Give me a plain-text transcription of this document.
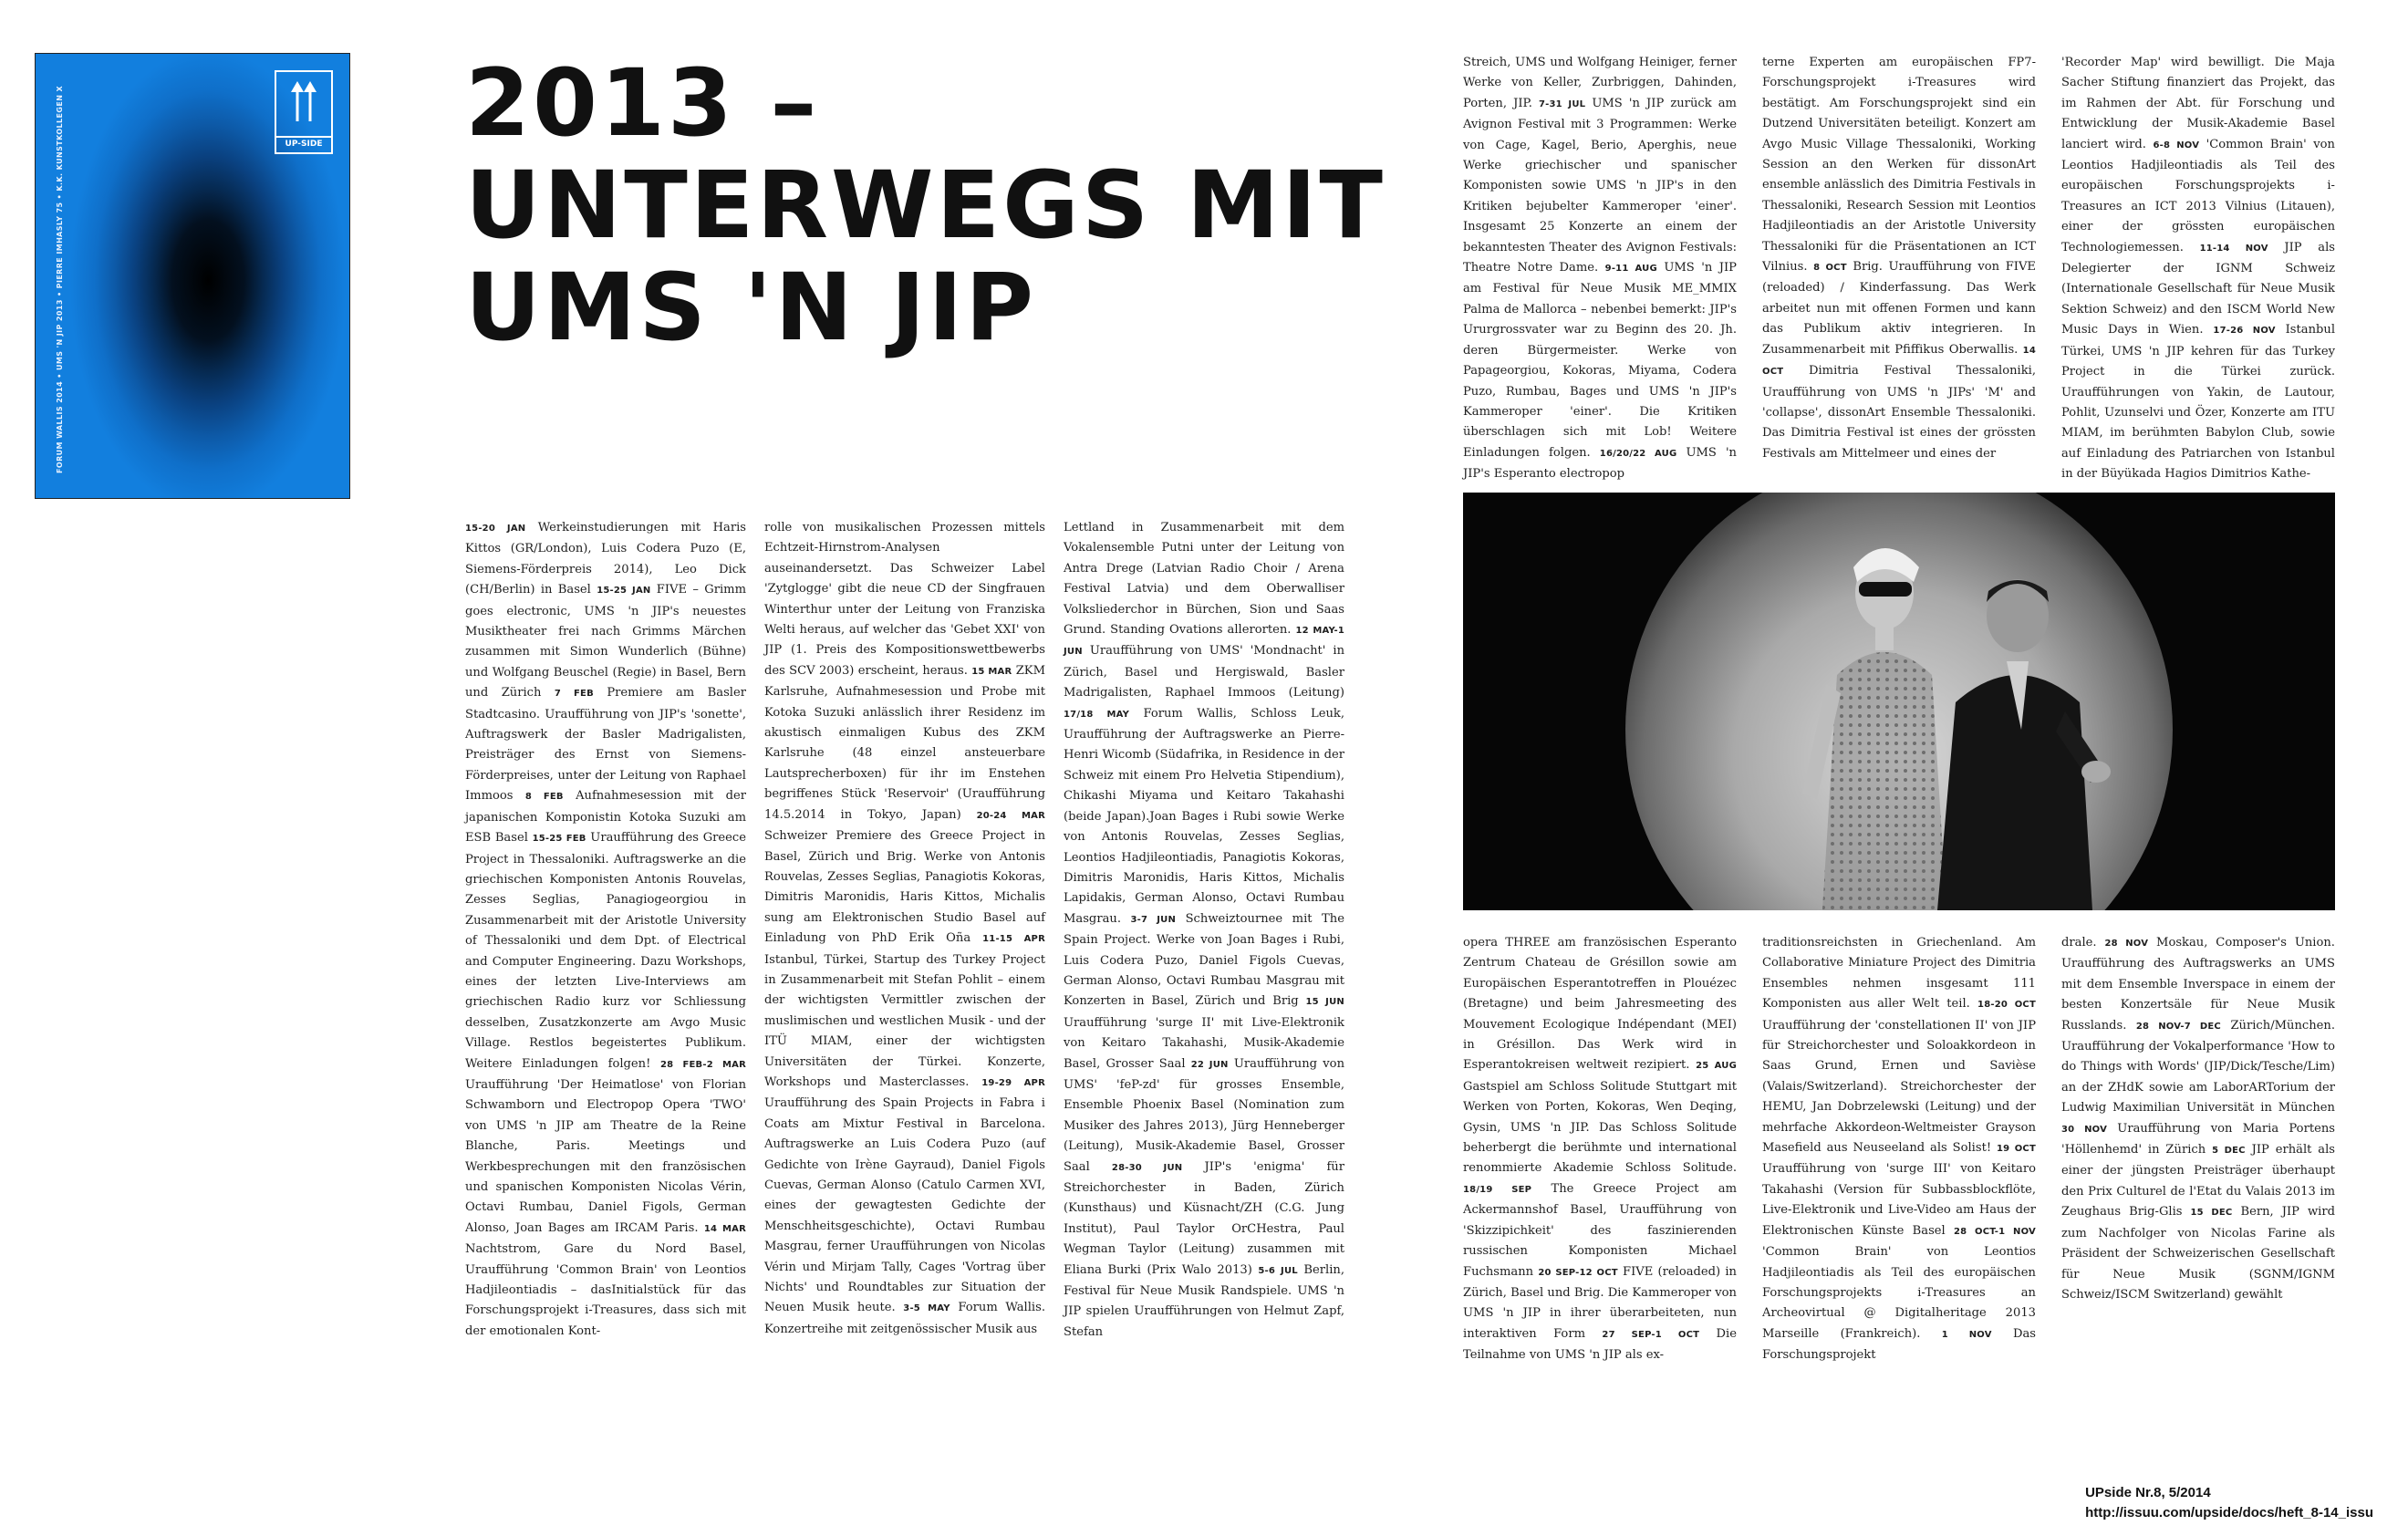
FORUM WALLIS 2014 • UMS 'N JIP 2013 • PIERRE IMHASLY 75 • K.K. KUNSTKOLLEGEN X	UP-SIDE 2013 –
UNTERWEGS MIT
UMS 'N JIP
15-20 JAN Werkeinstudierungen mit Haris Kittos (GR/London), Luis Codera Puzo (E, Siemens-Förderpreis 2014), Leo Dick (CH/Berlin) in Basel 15-25 JAN FIVE – Grimm goes electronic, UMS 'n JIP's neuestes Musiktheater frei nach Grimms Märchen zusammen mit Simon Wunderlich (Bühne) und Wolfgang Beuschel (Regie) in Basel, Bern und Zürich 7 FEB Premiere am Basler Stadtcasino. Uraufführung von JIP's 'sonette', Auftragswerk der Basler Madrigalisten, Preisträger des Ernst von Siemens-Förderpreises, unter der Leitung von Raphael Immoos 8 FEB Aufnahmesession mit der japanischen Komponistin Kotoka Suzuki am ESB Basel 15-25 FEB Uraufführung des Greece Project in Thessaloniki. Auftragswerke an die griechischen Komponisten Antonis Rouvelas, Zesses Seglias, Panagiogeorgiou in Zusammenarbeit mit der Aristotle University of Thessaloniki und dem Dpt. of Electrical and Computer Engineering. Dazu Workshops, eines der letzten Live-Interviews am griechischen Radio kurz vor Schliessung desselben, Zusatzkonzerte am Avgo Music Village. Restlos begeistertes Publikum. Weitere Einladungen folgen! 28 FEB-2 MAR Uraufführung 'Der Heimatlose' von Florian Schwamborn und Electropop Opera 'TWO' von UMS 'n JIP am Theatre de la Reine Blanche, Paris. Meetings und Werkbesprechungen mit den französischen und spanischen Komponisten Nicolas Vérin, Octavi Rumbau, Daniel Figols, German Alonso, Joan Bages am IRCAM Paris. 14 MAR Nachtstrom, Gare du Nord Basel, Uraufführung 'Common Brain' von Leontios Hadjileontiadis – dasInitialstück für das Forschungsprojekt i-Treasures, dass sich mit der emotionalen Kont-
rolle von musikalischen Prozessen mittels Echtzeit-Hirnstrom-Analysen auseinandersetzt. Das Schweizer Label 'Zytglogge' gibt die neue CD der Singfrauen Winterthur unter der Leitung von Franziska Welti heraus, auf welcher das 'Gebet XXI' von JIP (1. Preis des Kompositionswettbewerbs des SCV 2003) erscheint, heraus. 15 MAR ZKM Karlsruhe, Aufnahmesession und Probe mit Kotoka Suzuki anlässlich ihrer Residenz im akustisch einmaligen Kubus des ZKM Karlsruhe (48 einzel ansteuerbare Lautsprecherboxen) für ihr im Enstehen begriffenes Stück 'Reservoir' (Uraufführung 14.5.2014 in Tokyo, Japan) 20-24 MAR Schweizer Premiere des Greece Project in Basel, Zürich und Brig. Werke von Antonis Rouvelas, Zesses Seglias, Panagiotis Kokoras, Dimitris Maronidis, Haris Kittos, Michalis sung am Elektronischen Studio Basel auf Einladung von PhD Erik Oña 11-15 APR Istanbul, Türkei, Startup des Turkey Project in Zusammenarbeit mit Stefan Pohlit – einem der wichtigsten Vermittler zwischen der muslimischen und westlichen Musik - und der ITÜ MIAM, einer der wichtigsten Universitäten der Türkei. Konzerte, Workshops und Masterclasses. 19-29 APR Uraufführung des Spain Projects in Fabra i Coats am Mixtur Festival in Barcelona. Auftragswerke an Luis Codera Puzo (auf Gedichte von Irène Gayraud), Daniel Figols Cuevas, German Alonso (Catulo Carmen XVI, eines der gewagtesten Gedichte der Menschheitsgeschichte), Octavi Rumbau Masgrau, ferner Uraufführungen von Nicolas Vérin und Mirjam Tally, Cages 'Vortrag über Nichts' und Roundtables zur Situation der Neuen Musik heute. 3-5 MAY Forum Wallis. Konzertreihe mit zeitgenössischer Musik aus
Lettland in Zusammenarbeit mit dem Vokalensemble Putni unter der Leitung von Antra Drege (Latvian Radio Choir / Arena Festival Latvia) und dem Oberwalliser Volksliederchor in Bürchen, Sion und Saas Grund. Standing Ovations allerorten. 12 MAY-1 JUN Uraufführung von UMS' 'Mondnacht' in Zürich, Basel und Hergiswald, Basler Madrigalisten, Raphael Immoos (Leitung) 17/18 MAY Forum Wallis, Schloss Leuk, Uraufführung der Auftragswerke an Pierre-Henri Wicomb (Südafrika, in Residence in der Schweiz mit einem Pro Helvetia Stipendium), Chikashi Miyama und Keitaro Takahashi (beide Japan).Joan Bages i Rubi sowie Werke von Antonis Rouvelas, Zesses Seglias, Leontios Hadjileontiadis, Panagiotis Kokoras, Dimitris Maronidis, Haris Kittos, Michalis Lapidakis, German Alonso, Octavi Rumbau Masgrau. 3-7 JUN Schweiztournee mit The Spain Project. Werke von Joan Bages i Rubi, Luis Codera Puzo, Daniel Figols Cuevas, German Alonso, Octavi Rumbau Masgrau mit Konzerten in Basel, Zürich und Brig 15 JUN Uraufführung 'surge II' mit Live-Elektronik von Keitaro Takahashi, Musik-Akademie Basel, Grosser Saal 22 JUN Uraufführung von UMS' 'feP-zd' für grosses Ensemble, Ensemble Phoenix Basel (Nomination zum Musiker des Jahres 2013), Jürg Henneberger (Leitung), Musik-Akademie Basel, Grosser Saal 28-30 JUN JIP's 'enigma' für Streichorchester in Baden, Zürich (Kunsthaus) und Küsnacht/ZH (C.G. Jung Institut), Paul Taylor OrCHestra, Paul Wegman Taylor (Leitung) zusammen mit Eliana Burki (Prix Walo 2013) 5-6 JUL Berlin, Festival für Neue Musik Randspiele. UMS 'n JIP spielen Uraufführungen von Helmut Zapf, Stefan
Streich, UMS und Wolfgang Heiniger, ferner Werke von Keller, Zurbriggen, Dahinden, Porten, JIP. 7-31 JUL UMS 'n JIP zurück am Avignon Festival mit 3 Programmen: Werke von Cage, Kagel, Berio, Aperghis, neue Werke griechischer und spanischer Komponisten sowie UMS 'n JIP's in den Kritiken bejubelter Kammeroper 'einer'. Insgesamt 25 Konzerte an einem der bekanntesten Theater des Avignon Festivals: Theatre Notre Dame. 9-11 AUG UMS 'n JIP am Festival für Neue Musik ME_MMIX Palma de Mallorca – nebenbei bemerkt: JIP's Ururgrossvater war zu Beginn des 20. Jh. deren Bürgermeister. Werke von Papageorgiou, Kokoras, Miyama, Codera Puzo, Rumbau, Bages und UMS 'n JIP's Kammeroper 'einer'. Die Kritiken überschlagen sich mit Lob! Weitere Einladungen folgen. 16/20/22 AUG UMS 'n JIP's Esperanto electropop
terne Experten am europäischen FP7-Forschungsprojekt i-Treasures wird bestätigt. Am Forschungsprojekt sind ein Dutzend Universitäten beteiligt. Konzert am Avgo Music Village Thessaloniki, Working Session an den Werken für dissonArt ensemble anlässlich des Dimitria Festivals in Thessaloniki, Research Session mit Leontios Hadjileontiadis an der Aristotle University Thessaloniki für die Präsentationen an ICT Vilnius. 8 OCT Brig. Uraufführung von FIVE (reloaded) / Kinderfassung. Das Werk arbeitet nun mit offenen Formen und kann das Publikum aktiv integrieren. In Zusammenarbeit mit Pfiffikus Oberwallis. 14 OCT Dimitria Festival Thessaloniki, Uraufführung von UMS 'n JIPs' 'M' and 'collapse', dissonArt Ensemble Thessaloniki. Das Dimitria Festival ist eines der grössten Festivals am Mittelmeer und eines der
'Recorder Map' wird bewilligt. Die Maja Sacher Stiftung finanziert das Projekt, das im Rahmen der Abt. für Forschung und Entwicklung der Musik-Akademie Basel lanciert wird. 6-8 NOV 'Common Brain' von Leontios Hadjileontiadis als Teil des europäischen Forschungsprojekts i-Treasures an ICT 2013 Vilnius (Litauen), einer der grössten europäischen Technologiemessen. 11-14 NOV JIP als Delegierter der IGNM Schweiz (Internationale Gesellschaft für Neue Musik Sektion Schweiz) and den ISCM World New Music Days in Wien. 17-26 NOV Istanbul Türkei, UMS 'n JIP kehren für das Turkey Project in die Türkei zurück. Uraufführungen von Yakin, de Lautour, Pohlit, Uzunselvi und Özer, Konzerte am ITU MIAM, im berühmten Babylon Club, sowie auf Einladung des Patriarchen von Istanbul in der Büyükada Hagios Dimitrios Kathe-
opera THREE am französischen Esperanto Zentrum Chateau de Grésillon sowie am Europäischen Esperantotreffen in Plouézec (Bretagne) und beim Jahresmeeting des Mouvement Ecologique Indépendant (MEI) in Grésillon. Das Werk wird in Esperantokreisen weltweit rezipiert. 25 AUG Gastspiel am Schloss Solitude Stuttgart mit Werken von Porten, Kokoras, Wen Deqing, Gysin, UMS 'n JIP. Das Schloss Solitude beherbergt die berühmte und international renommierte Akademie Schloss Solitude. 18/19 SEP The Greece Project am Ackermannshof Basel, Uraufführung von 'Skizzipichkeit' des faszinierenden russischen Komponisten Michael Fuchsmann 20 SEP-12 OCT FIVE (reloaded) in Zürich, Basel und Brig. Die Kammeroper von UMS 'n JIP in ihrer überarbeiteten, nun interaktiven Form 27 SEP-1 OCT Die Teilnahme von UMS 'n JIP als ex-
traditionsreichsten in Griechenland. Am Collaborative Miniature Project des Dimitria Ensembles nehmen insgesamt 111 Komponisten aus aller Welt teil. 18-20 OCT Uraufführung der 'constellationen II' von JIP für Streichorchester und Soloakkordeon in Saas Grund, Ernen und Savièse (Valais/Switzerland). Streichorchester der HEMU, Jan Dobrzelewski (Leitung) und der mehrfache Akkordeon-Weltmeister Grayson Masefield aus Neuseeland als Solist! 19 OCT Uraufführung von 'surge III' von Keitaro Takahashi (Version für Subbassblockflöte, Live-Elektronik und Live-Video am Haus der Elektronischen Künste Basel 28 OCT-1 NOV 'Common Brain' von Leontios Hadjileontiadis als Teil des europäischen Forschungsprojekts i-Treasures an Archeovirtual @ Digitalheritage 2013 Marseille (Frankreich). 1 NOV Das Forschungsprojekt
drale. 28 NOV Moskau, Composer's Union. Uraufführung des Auftragswerks an UMS mit dem Ensemble Inverspace in einem der besten Konzertsäle für Neue Musik Russlands. 28 NOV-7 DEC Zürich/München. Uraufführung der Vokalperformance 'How to do Things with Words' (JIP/Dick/Tesche/Lim) an der ZHdK sowie am LaborARTorium der Ludwig Maximilian Universität in München 30 NOV Uraufführung von Maria Portens 'Höllenhemd' in Zürich 5 DEC JIP erhält als einer der jüngsten Preisträger überhaupt den Prix Culturel de l'Etat du Valais 2013 im Zeughaus Brig-Glis 15 DEC Bern, JIP wird zum Nachfolger von Nicolas Farine als Präsident der Schweizerischen Gesellschaft für Neue Musik (SGNM/IGNM Schweiz/ISCM Switzerland) gewählt
UPside Nr.8, 5/2014
http://issuu.com/upside/docs/heft_8-14_issu
